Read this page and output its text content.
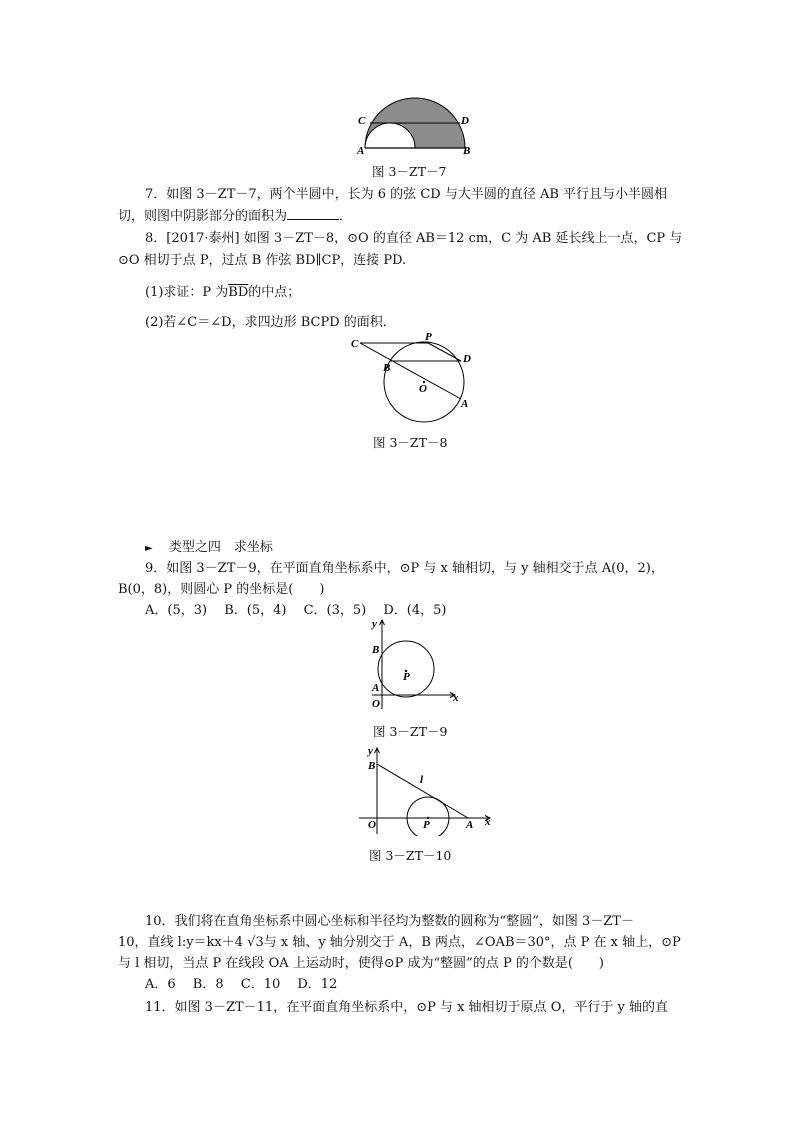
C	D
A	B
图 3－ZT－7
7．如图 3－ZT－7，两个半圆中，长为 6 的弦 CD 与大半圆的直径 AB 平行且与小半圆相
切，则图中阴影部分的面积为	．
8．[2017·泰州] 如图 3－ZT－8，⊙O 的直径 AB＝12 cm，C 为 AB 延长线上一点，CP 与
⊙O 相切于点 P，过点 B 作弦 BD∥CP，连接 PD.
(1)求证：P 为$\overline{BD}$的中点；
(2)若∠C＝∠D，求四边形 BCPD 的面积．
C
P
D
B
O
A
图 3－ZT－8
► 类型之四　求坐标
9．如图 3－ZT－9，在平面直角坐标系中，⊙P 与 x 轴相切，与 y 轴相交于点 A(0，2)，
B(0，8)，则圆心 P 的坐标是(　　)
A．(5，3)　 B．(5，4)　 C．(3，5)　 D．(4，5)
y
B
P
A
O	x
图 3－ZT－9
y
B
l
O	P	A x
图 3－ZT－10
10．我们将在直角坐标系中圆心坐标和半径均为整数的圆称为“整圆”，如图 3－ZT－
10，直线 l:y＝kx＋4 √3与 x 轴、y 轴分别交于 A，B 两点，∠OAB＝30°，点 P 在 x 轴上，⊙P
与 l 相切，当点 P 在线段 OA 上运动时，使得⊙P 成为“整圆”的点 P 的个数是(　　)
A．6　 B．8　 C．10　 D．12
11．如图 3－ZT－11，在平面直角坐标系中，⊙P 与 x 轴相切于原点 O，平行于 y 轴的直
